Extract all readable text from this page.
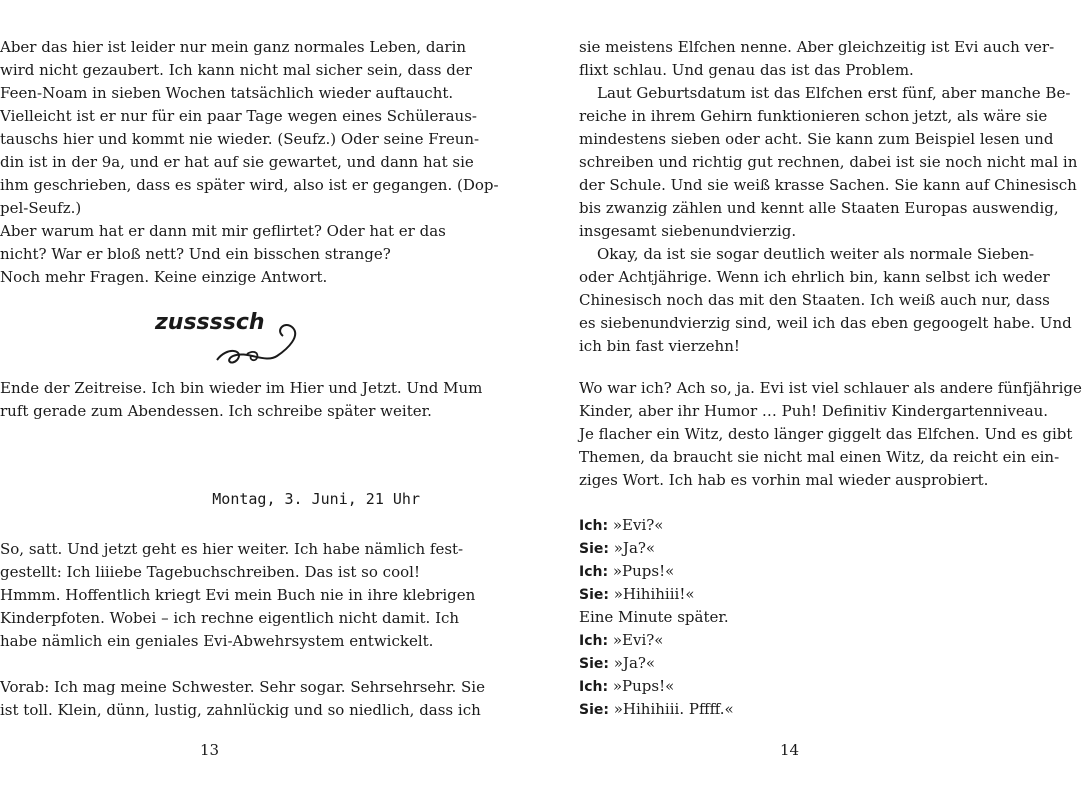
Aber das hier ist leider nur mein ganz normales Leben, darin
wird nicht gezaubert. Ich kann nicht mal sicher sein, dass der
Feen-Noam in sieben Wochen tatsächlich wieder auftaucht.
Vielleicht ist er nur für ein paar Tage wegen eines Schüleraus-
tauschs hier und kommt nie wieder. (Seufz.) Oder seine Freun-
din ist in der 9a, und er hat auf sie gewartet, und dann hat sie
ihm geschrieben, dass es später wird, also ist er gegangen. (Dop-
pel-Seufz.)
Aber warum hat er dann mit mir geflirtet? Oder hat er das
nicht? War er bloß nett? Und ein bisschen strange?
Noch mehr Fragen. Keine einzige Antwort.
zussssch
Ende der Zeitreise. Ich bin wieder im Hier und Jetzt. Und Mum
ruft gerade zum Abendessen. Ich schreibe später weiter.
Montag, 3. Juni, 21 Uhr
So, satt. Und jetzt geht es hier weiter. Ich habe nämlich fest-
gestellt: Ich liiiebe Tagebuchschreiben. Das ist so cool!
Hmmm. Hoffentlich kriegt Evi mein Buch nie in ihre klebrigen
Kinderpfoten. Wobei – ich rechne eigentlich nicht damit. Ich
habe nämlich ein geniales Evi-Abwehrsystem entwickelt.
Vorab: Ich mag meine Schwester. Sehr sogar. Sehrsehrsehr. Sie
ist toll. Klein, dünn, lustig, zahnlückig und so niedlich, dass ich
13
sie meistens Elfchen nenne. Aber gleichzeitig ist Evi auch ver-
flixt schlau. Und genau das ist das Problem.
Laut Geburtsdatum ist das Elfchen erst fünf, aber manche Be-
reiche in ihrem Gehirn funktionieren schon jetzt, als wäre sie
mindestens sieben oder acht. Sie kann zum Beispiel lesen und
schreiben und richtig gut rechnen, dabei ist sie noch nicht mal in
der Schule. Und sie weiß krasse Sachen. Sie kann auf Chinesisch
bis zwanzig zählen und kennt alle Staaten Europas auswendig,
insgesamt siebenundvierzig.
Okay, da ist sie sogar deutlich weiter als normale Sieben-
oder Achtjährige. Wenn ich ehrlich bin, kann selbst ich weder
Chinesisch noch das mit den Staaten. Ich weiß auch nur, dass
es siebenundvierzig sind, weil ich das eben gegoogelt habe. Und
ich bin fast vierzehn!
Wo war ich? Ach so, ja. Evi ist viel schlauer als andere fünfjährige
Kinder, aber ihr Humor … Puh! Definitiv Kindergartenniveau.
Je flacher ein Witz, desto länger giggelt das Elfchen. Und es gibt
Themen, da braucht sie nicht mal einen Witz, da reicht ein ein-
ziges Wort. Ich hab es vorhin mal wieder ausprobiert.
Ich: »Evi?«
Sie: »Ja?«
Ich: »Pups!«
Sie: »Hihihiii!«
Eine Minute später.
Ich: »Evi?«
Sie: »Ja?«
Ich: »Pups!«
Sie: »Hihihiii. Pffff.«
14
